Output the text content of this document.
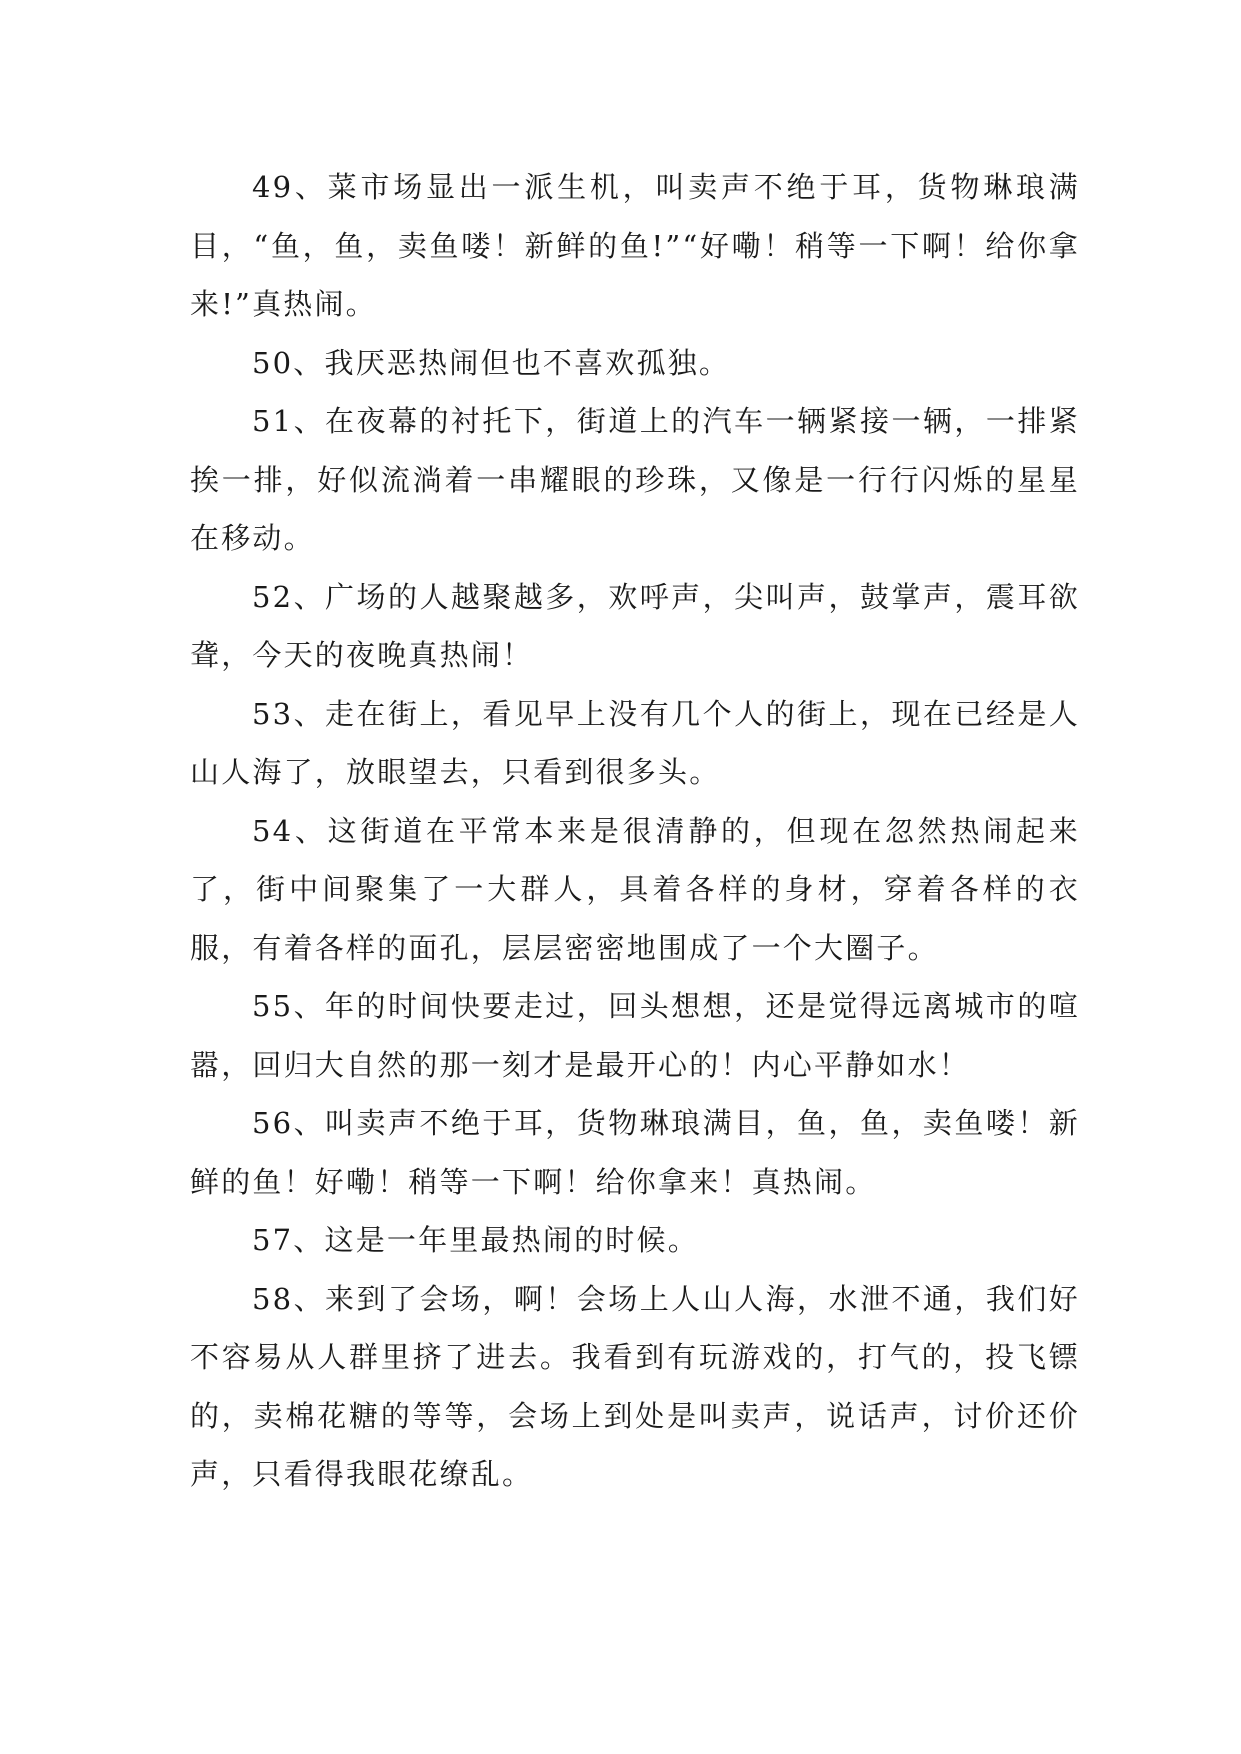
49、菜市场显出一派生机，叫卖声不绝于耳，货物琳琅满目，“鱼，鱼，卖鱼喽！新鲜的鱼!”“好嘞！稍等一下啊！给你拿来!”真热闹。

50、我厌恶热闹但也不喜欢孤独。

51、在夜幕的衬托下，街道上的汽车一辆紧接一辆，一排紧挨一排，好似流淌着一串耀眼的珍珠，又像是一行行闪烁的星星在移动。

52、广场的人越聚越多，欢呼声，尖叫声，鼓掌声，震耳欲聋，今天的夜晚真热闹！

53、走在街上，看见早上没有几个人的街上，现在已经是人山人海了，放眼望去，只看到很多头。

54、这街道在平常本来是很清静的，但现在忽然热闹起来了，街中间聚集了一大群人，具着各样的身材，穿着各样的衣服，有着各样的面孔，层层密密地围成了一个大圈子。

55、年的时间快要走过，回头想想，还是觉得远离城市的喧嚣，回归大自然的那一刻才是最开心的！内心平静如水！

56、叫卖声不绝于耳，货物琳琅满目，鱼，鱼，卖鱼喽！新鲜的鱼！好嘞！稍等一下啊！给你拿来！真热闹。

57、这是一年里最热闹的时候。

58、来到了会场，啊！会场上人山人海，水泄不通，我们好不容易从人群里挤了进去。我看到有玩游戏的，打气的，投飞镖的，卖棉花糖的等等，会场上到处是叫卖声，说话声，讨价还价声，只看得我眼花缭乱。
